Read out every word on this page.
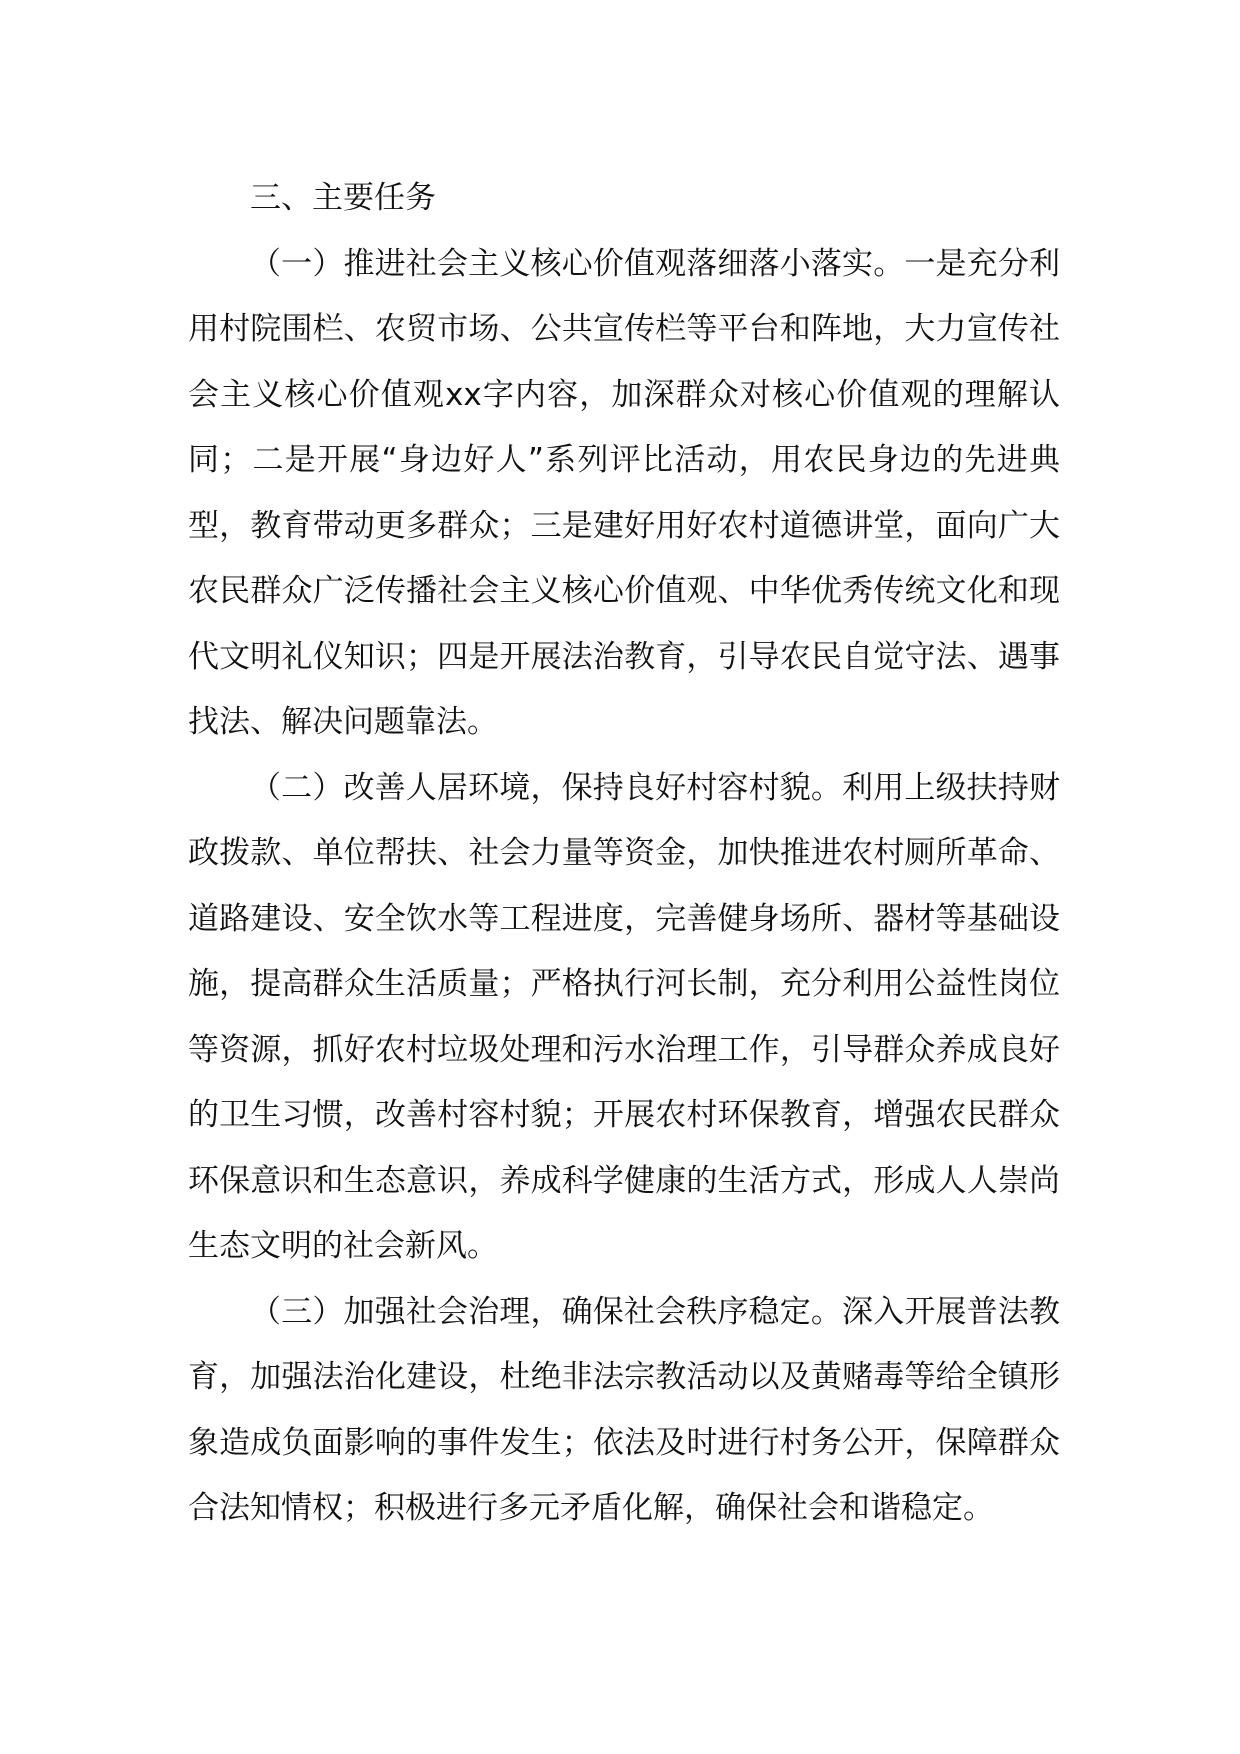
三、主要任务

（一）推进社会主义核心价值观落细落小落实。一是充分利用村院围栏、农贸市场、公共宣传栏等平台和阵地，大力宣传社会主义核心价值观xx字内容，加深群众对核心价值观的理解认同；二是开展“身边好人”系列评比活动，用农民身边的先进典型，教育带动更多群众；三是建好用好农村道德讲堂，面向广大农民群众广泛传播社会主义核心价值观、中华优秀传统文化和现代文明礼仪知识；四是开展法治教育，引导农民自觉守法、遇事找法、解决问题靠法。

（二）改善人居环境，保持良好村容村貌。利用上级扶持财政拨款、单位帮扶、社会力量等资金，加快推进农村厕所革命、道路建设、安全饮水等工程进度，完善健身场所、器材等基础设施，提高群众生活质量；严格执行河长制，充分利用公益性岗位等资源，抓好农村垃圾处理和污水治理工作，引导群众养成良好的卫生习惯，改善村容村貌；开展农村环保教育，增强农民群众环保意识和生态意识，养成科学健康的生活方式，形成人人崇尚生态文明的社会新风。

（三）加强社会治理，确保社会秩序稳定。深入开展普法教育，加强法治化建设，杜绝非法宗教活动以及黄赌毒等给全镇形象造成负面影响的事件发生；依法及时进行村务公开，保障群众合法知情权；积极进行多元矛盾化解，确保社会和谐稳定。
